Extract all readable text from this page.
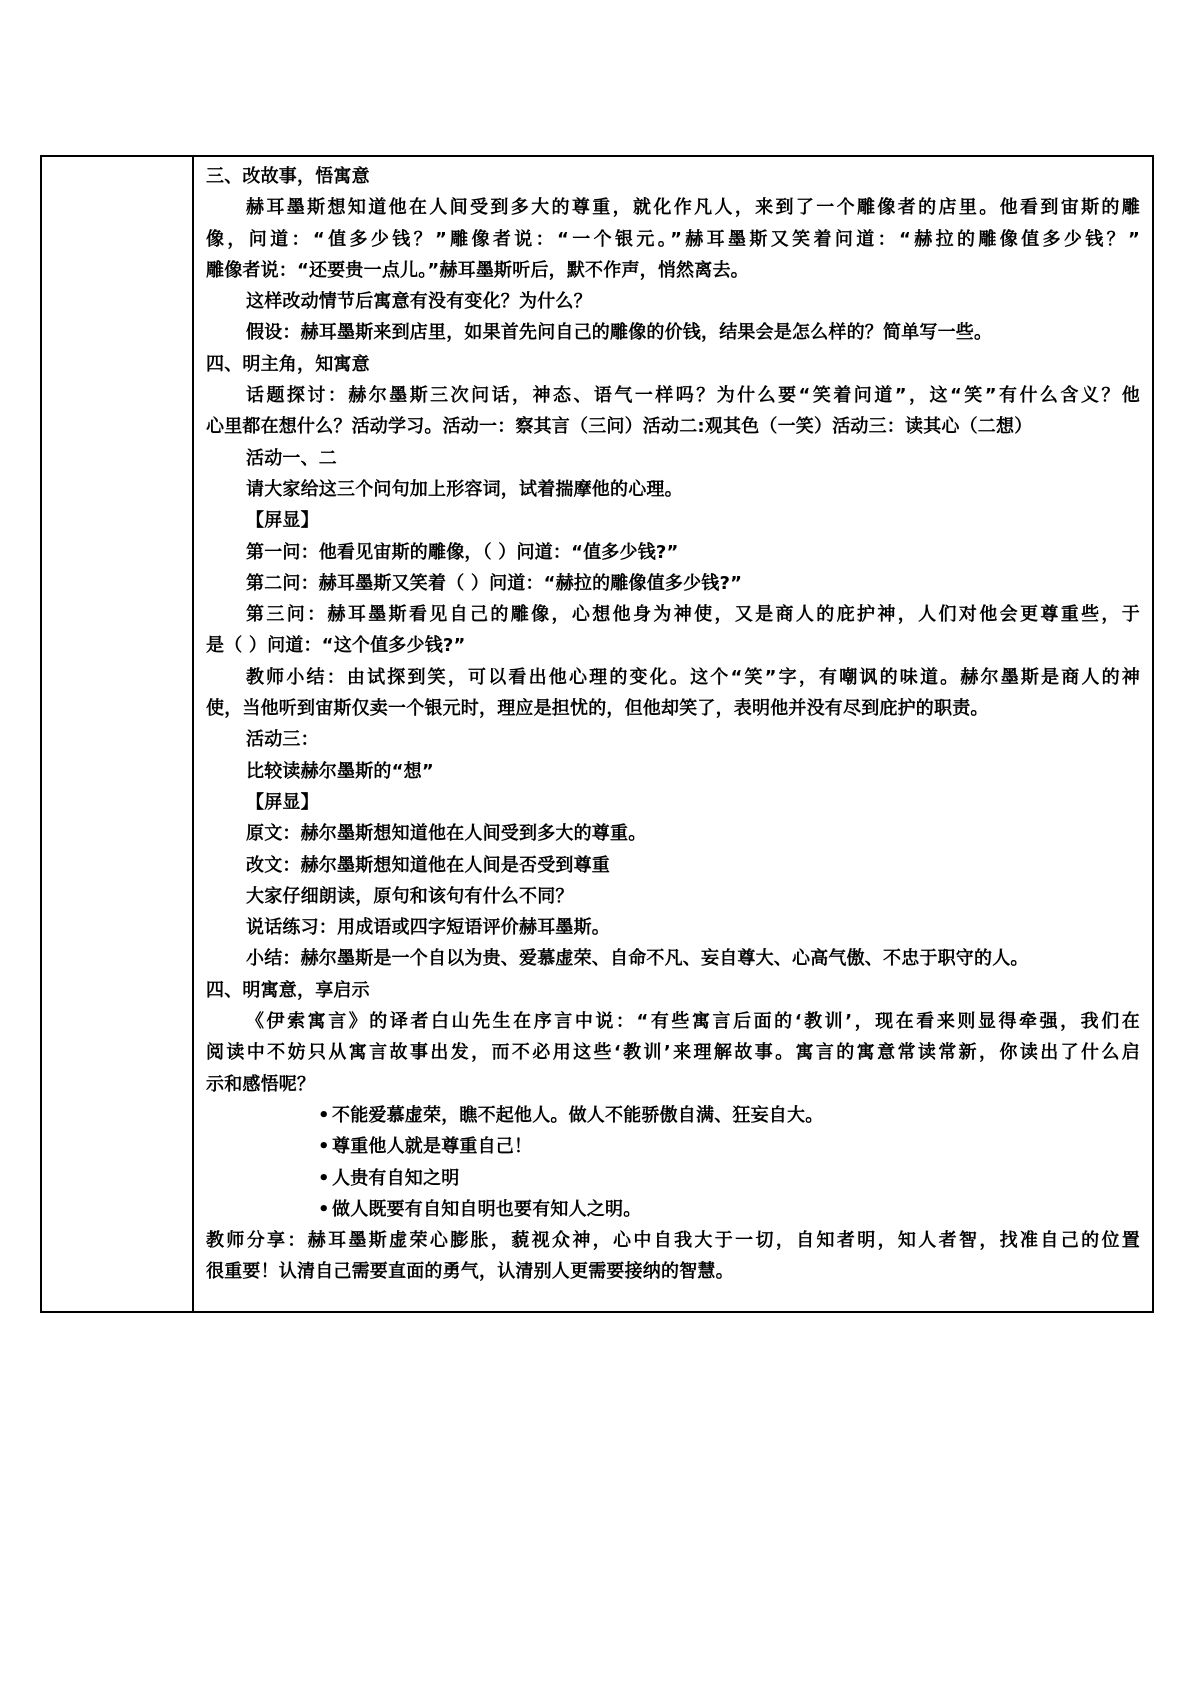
三、改故事，悟寓意
赫耳墨斯想知道他在人间受到多大的尊重，就化作凡人，来到了一个雕像者的店里。他看到宙斯的雕
像，问道：“值多少钱？”雕像者说：“一个银元。”赫耳墨斯又笑着问道：“赫拉的雕像值多少钱？”
雕像者说：“还要贵一点儿。”赫耳墨斯听后，默不作声，悄然离去。
这样改动情节后寓意有没有变化？为什么？
假设：赫耳墨斯来到店里，如果首先问自己的雕像的价钱，结果会是怎么样的？简单写一些。
四、明主角，知寓意
话题探讨：赫尔墨斯三次问话，神态、语气一样吗？为什么要“笑着问道”，这“笑”有什么含义？他
心里都在想什么？活动学习。活动一：察其言（三问）活动二:观其色（一笑）活动三：读其心（二想）
活动一、二
请大家给这三个问句加上形容词，试着揣摩他的心理。
【屏显】
第一问：他看见宙斯的雕像，（ ）问道：“值多少钱?”
第二问：赫耳墨斯又笑着（ ）问道：“赫拉的雕像值多少钱?”
第三问：赫耳墨斯看见自己的雕像，心想他身为神使，又是商人的庇护神，人们对他会更尊重些，于
是（ ）问道：“这个值多少钱?”
教师小结：由试探到笑，可以看出他心理的变化。这个“笑”字，有嘲讽的味道。赫尔墨斯是商人的神
使，当他听到宙斯仅卖一个银元时，理应是担忧的，但他却笑了，表明他并没有尽到庇护的职责。
活动三：
比较读赫尔墨斯的“想”
【屏显】
原文：赫尔墨斯想知道他在人间受到多大的尊重。
改文：赫尔墨斯想知道他在人间是否受到尊重
大家仔细朗读，原句和该句有什么不同？
说话练习：用成语或四字短语评价赫耳墨斯。
小结：赫尔墨斯是一个自以为贵、爱慕虚荣、自命不凡、妄自尊大、心高气傲、不忠于职守的人。
四、明寓意，享启示
《伊索寓言》的译者白山先生在序言中说：“有些寓言后面的‘教训’，现在看来则显得牵强，我们在
阅读中不妨只从寓言故事出发，而不必用这些‘教训’来理解故事。寓言的寓意常读常新，你读出了什么启
示和感悟呢？
• 不能爱慕虚荣，瞧不起他人。做人不能骄傲自满、狂妄自大。
• 尊重他人就是尊重自己！
• 人贵有自知之明
• 做人既要有自知自明也要有知人之明。
教师分享：赫耳墨斯虚荣心膨胀，藐视众神，心中自我大于一切，自知者明，知人者智，找准自己的位置
很重要！认清自己需要直面的勇气，认清别人更需要接纳的智慧。
